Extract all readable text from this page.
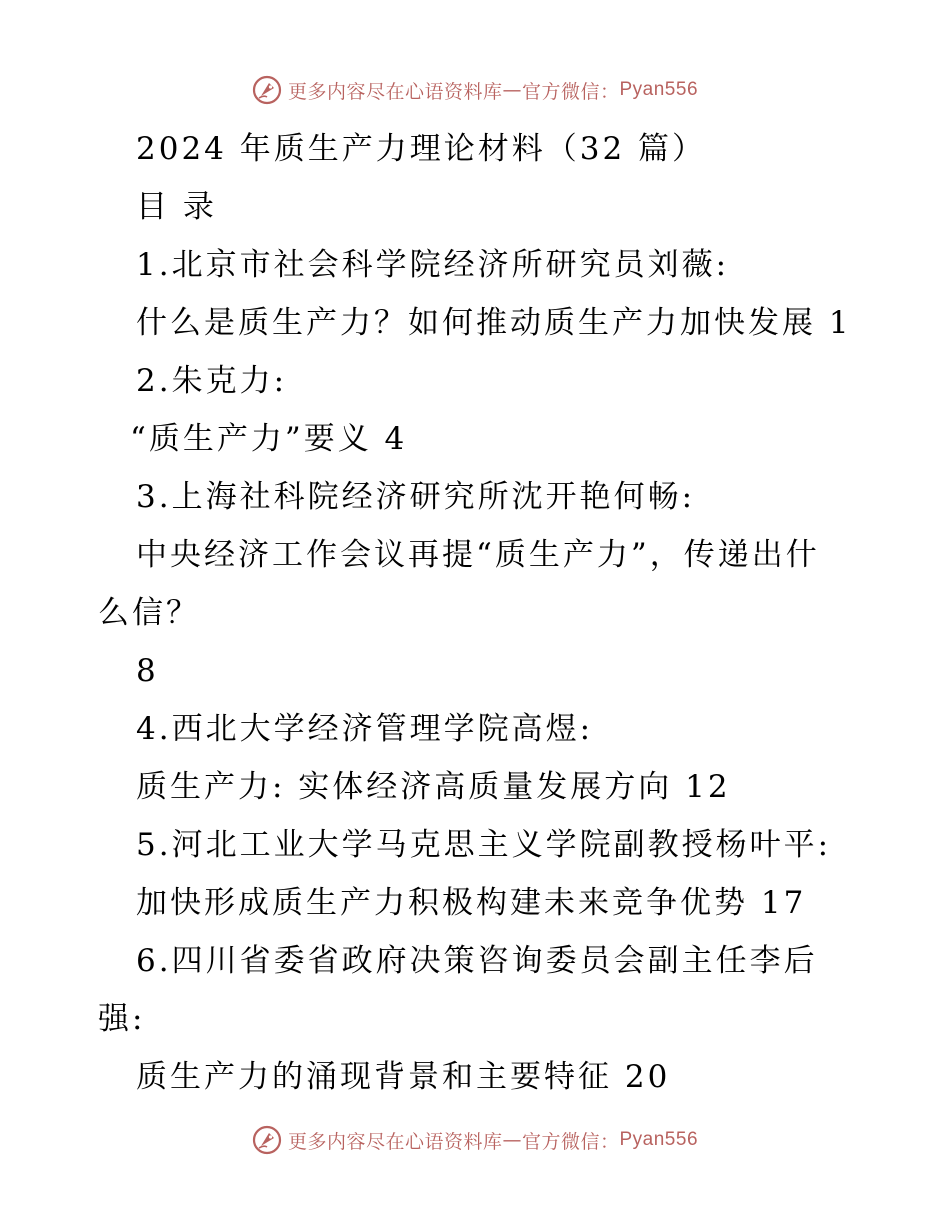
更多内容尽在心语资料库 — 官方微信： Pyan556
2024 年质生产力理论材料（32 篇）
目 录
1.北京市社会科学院经济所研究员刘薇:
什么是质生产力？如何推动质生产力加快发展 1
2.朱克力:
“质生产力”要义 4
3.上海社科院经济研究所沈开艳何畅:
中央经济工作会议再提“质生产力”，传递出什
么信？
8
4.西北大学经济管理学院高煜:
质生产力: 实体经济高质量发展方向 12
5.河北工业大学马克思主义学院副教授杨叶平:
加快形成质生产力积极构建未来竞争优势 17
6.四川省委省政府决策咨询委员会副主任李后
强:
质生产力的涌现背景和主要特征 20
更多内容尽在心语资料库 — 官方微信： Pyan556
